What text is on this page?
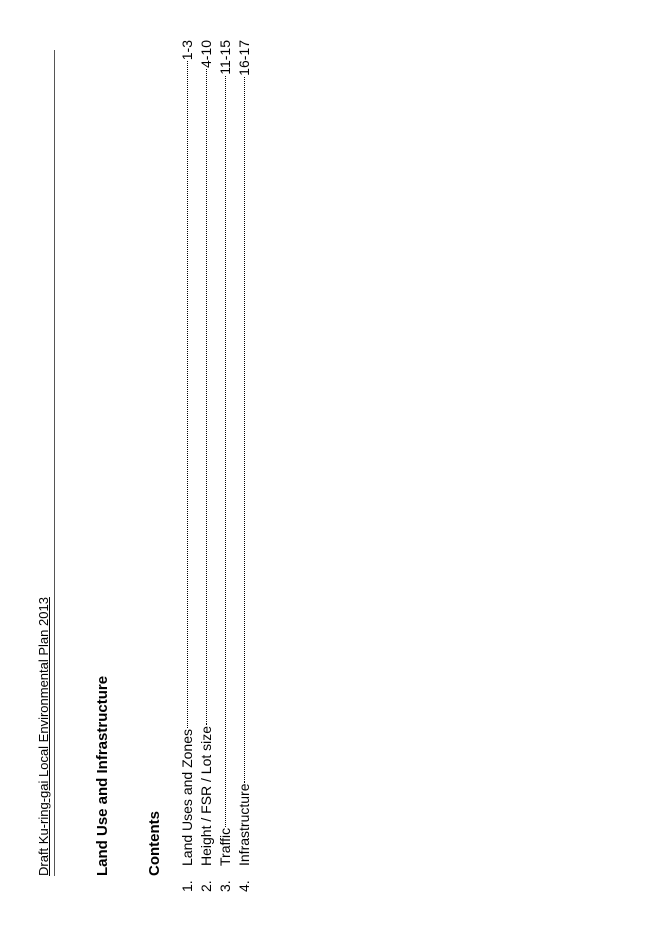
Draft Ku-ring-gai Local Environmental Plan 2013	Land Use and Infrastructure Contents
1.
Land Uses and Zones
1-3
2.
Height / FSR / Lot size
4-10
3.
Traffic
11-15
4.
Infrastructure
16-17
